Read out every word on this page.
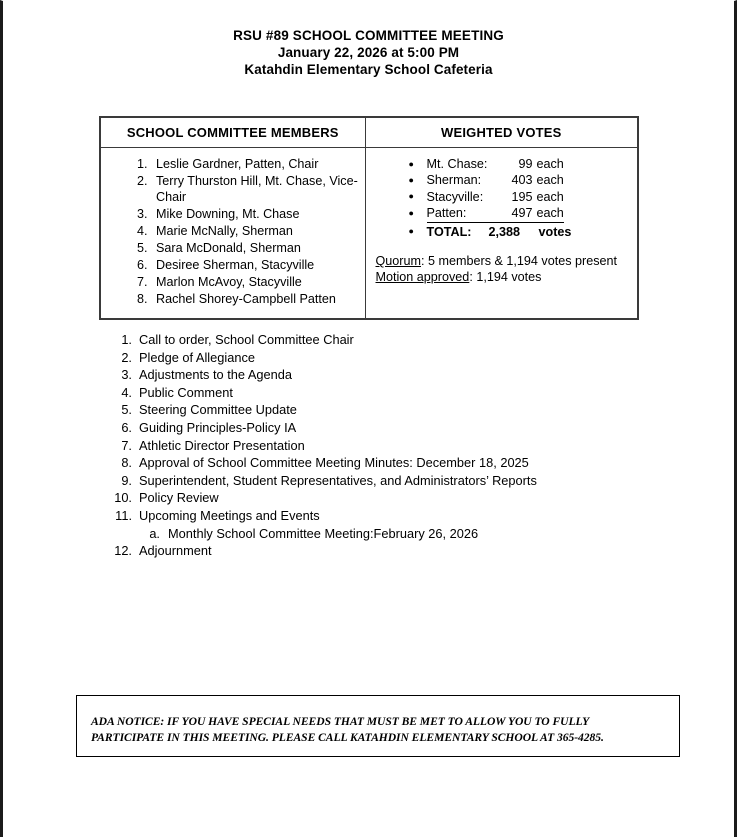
RSU #89 SCHOOL COMMITTEE MEETING
January 22, 2026 at 5:00 PM
Katahdin Elementary School Cafeteria
SCHOOL COMMITTEE MEMBERS	WEIGHTED VOTES

1. Leslie Gardner, Patten, Chair
2. Terry Thurston Hill, Mt. Chase, Vice-Chair
3. Mike Downing, Mt. Chase
4. Marie McNally, Sherman
5. Sara McDonald, Sherman
6. Desiree Sherman, Stacyville
7. Marlon McAvoy, Stacyville
8. Rachel Shorey-Campbell Patten

● Mt. Chase: 99 each
● Sherman: 403 each
● Stacyville: 195 each
● Patten:	497 each
● TOTAL: 2,388 votes
Quorum: 5 members & 1,194 votes present
Motion approved: 1,194 votes
1. Call to order, School Committee Chair
2. Pledge of Allegiance
3. Adjustments to the Agenda
4. Public Comment
5. Steering Committee Update
6. Guiding Principles-Policy IA
7. Athletic Director Presentation
8. Approval of School Committee Meeting Minutes: December 18, 2025
9. Superintendent, Student Representatives, and Administrators’ Reports
10. Policy Review
11. Upcoming Meetings and Events
a. Monthly School Committee Meeting:February 26, 2026
12. Adjournment
ADA NOTICE: IF YOU HAVE SPECIAL NEEDS THAT MUST BE MET TO ALLOW YOU TO FULLY
PARTICIPATE IN THIS MEETING. PLEASE CALL KATAHDIN ELEMENTARY SCHOOL AT 365-4285.
